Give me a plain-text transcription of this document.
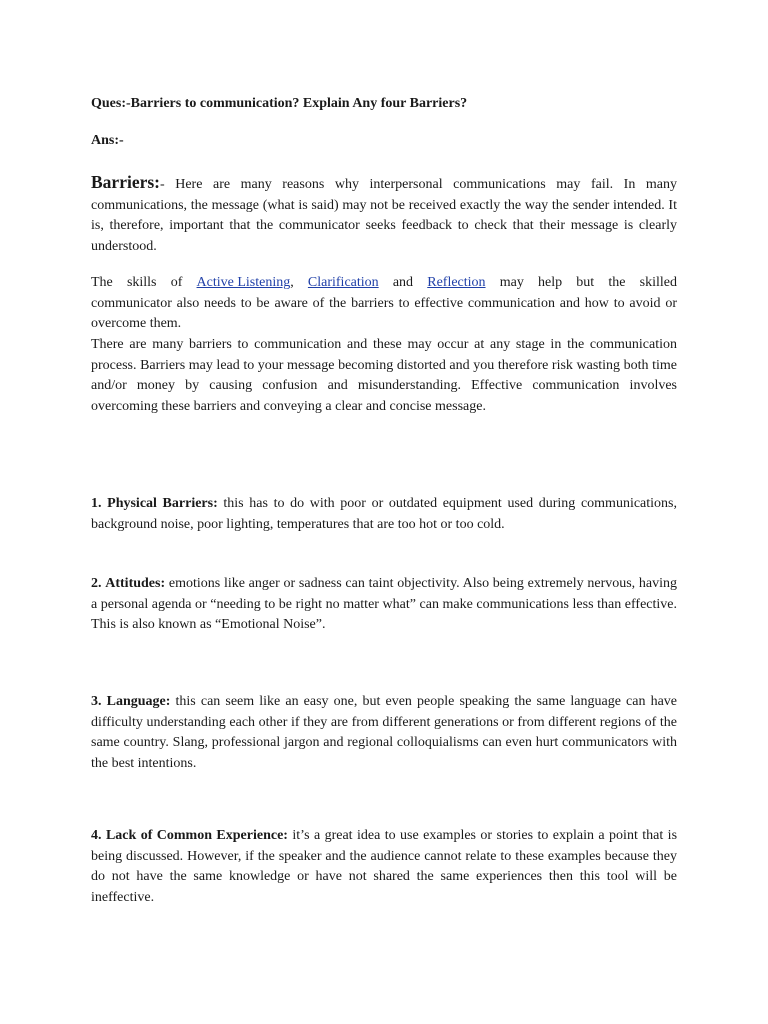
Ques:-Barriers to communication? Explain Any four Barriers?

Ans:-

Barriers:- Here are many reasons why interpersonal communications may fail. In many communications, the message (what is said) may not be received exactly the way the sender intended. It is, therefore, important that the communicator seeks feedback to check that their message is clearly understood.

The skills of Active Listening, Clarification and Reflection may help but the skilled
communicator also needs to be aware of the barriers to effective communication and how to avoid or overcome them.

There are many barriers to communication and these may occur at any stage in the communication process. Barriers may lead to your message becoming distorted and you therefore risk wasting both time and/or money by causing confusion and misunderstanding. Effective communication involves overcoming these barriers and conveying a clear and concise message.

1. Physical Barriers: this has to do with poor or outdated equipment used during communications, background noise, poor lighting, temperatures that are too hot or too cold.

2. Attitudes: emotions like anger or sadness can taint objectivity. Also being extremely nervous, having a personal agenda or “needing to be right no matter what” can make communications less than effective. This is also known as “Emotional Noise”.

3. Language: this can seem like an easy one, but even people speaking the same language can have difficulty understanding each other if they are from different generations or from different regions of the same country. Slang, professional jargon and regional colloquialisms can even hurt communicators with the best intentions.

4. Lack of Common Experience: it’s a great idea to use examples or stories to explain a point that is being discussed. However, if the speaker and the audience cannot relate to these examples because they do not have the same knowledge or have not shared the same experiences then this tool will be ineffective.
